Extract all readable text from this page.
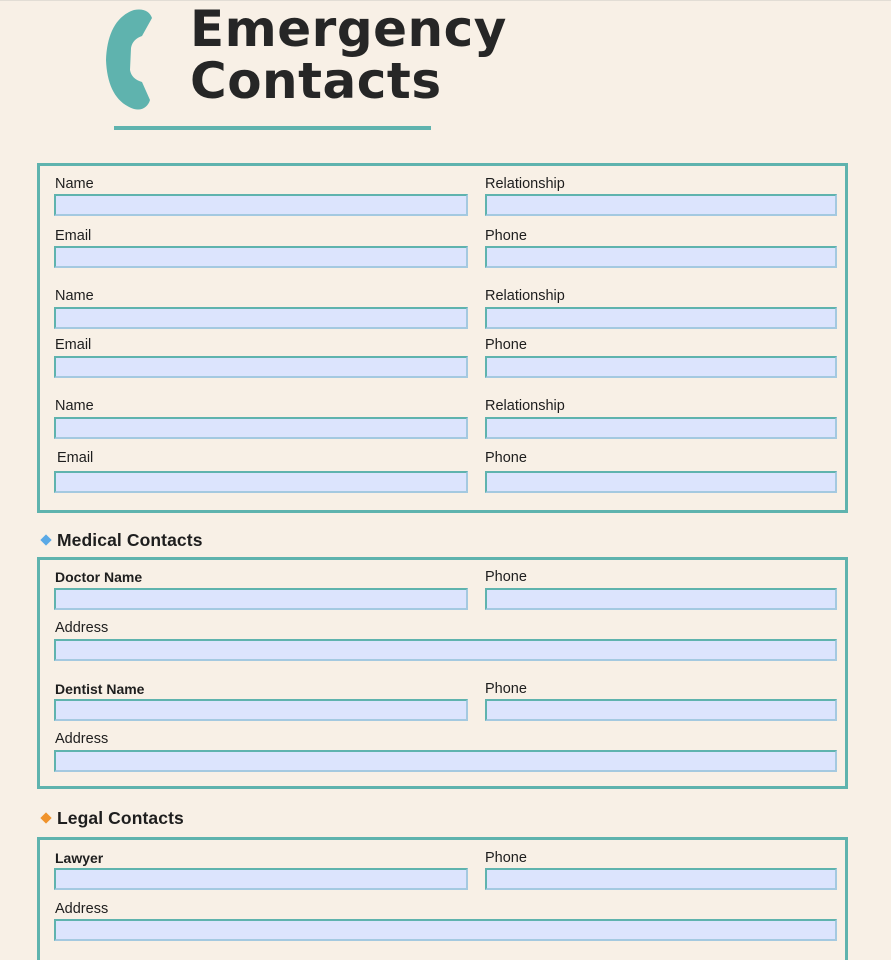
Emergency
Contacts
Name	Relationship
Email	Phone
Name	Relationship
Email	Phone
Name	Relationship
Email	Phone
Medical Contacts
Doctor Name	Phone
Address
Dentist Name	Phone
Address
Legal Contacts
Lawyer	Phone
Address
